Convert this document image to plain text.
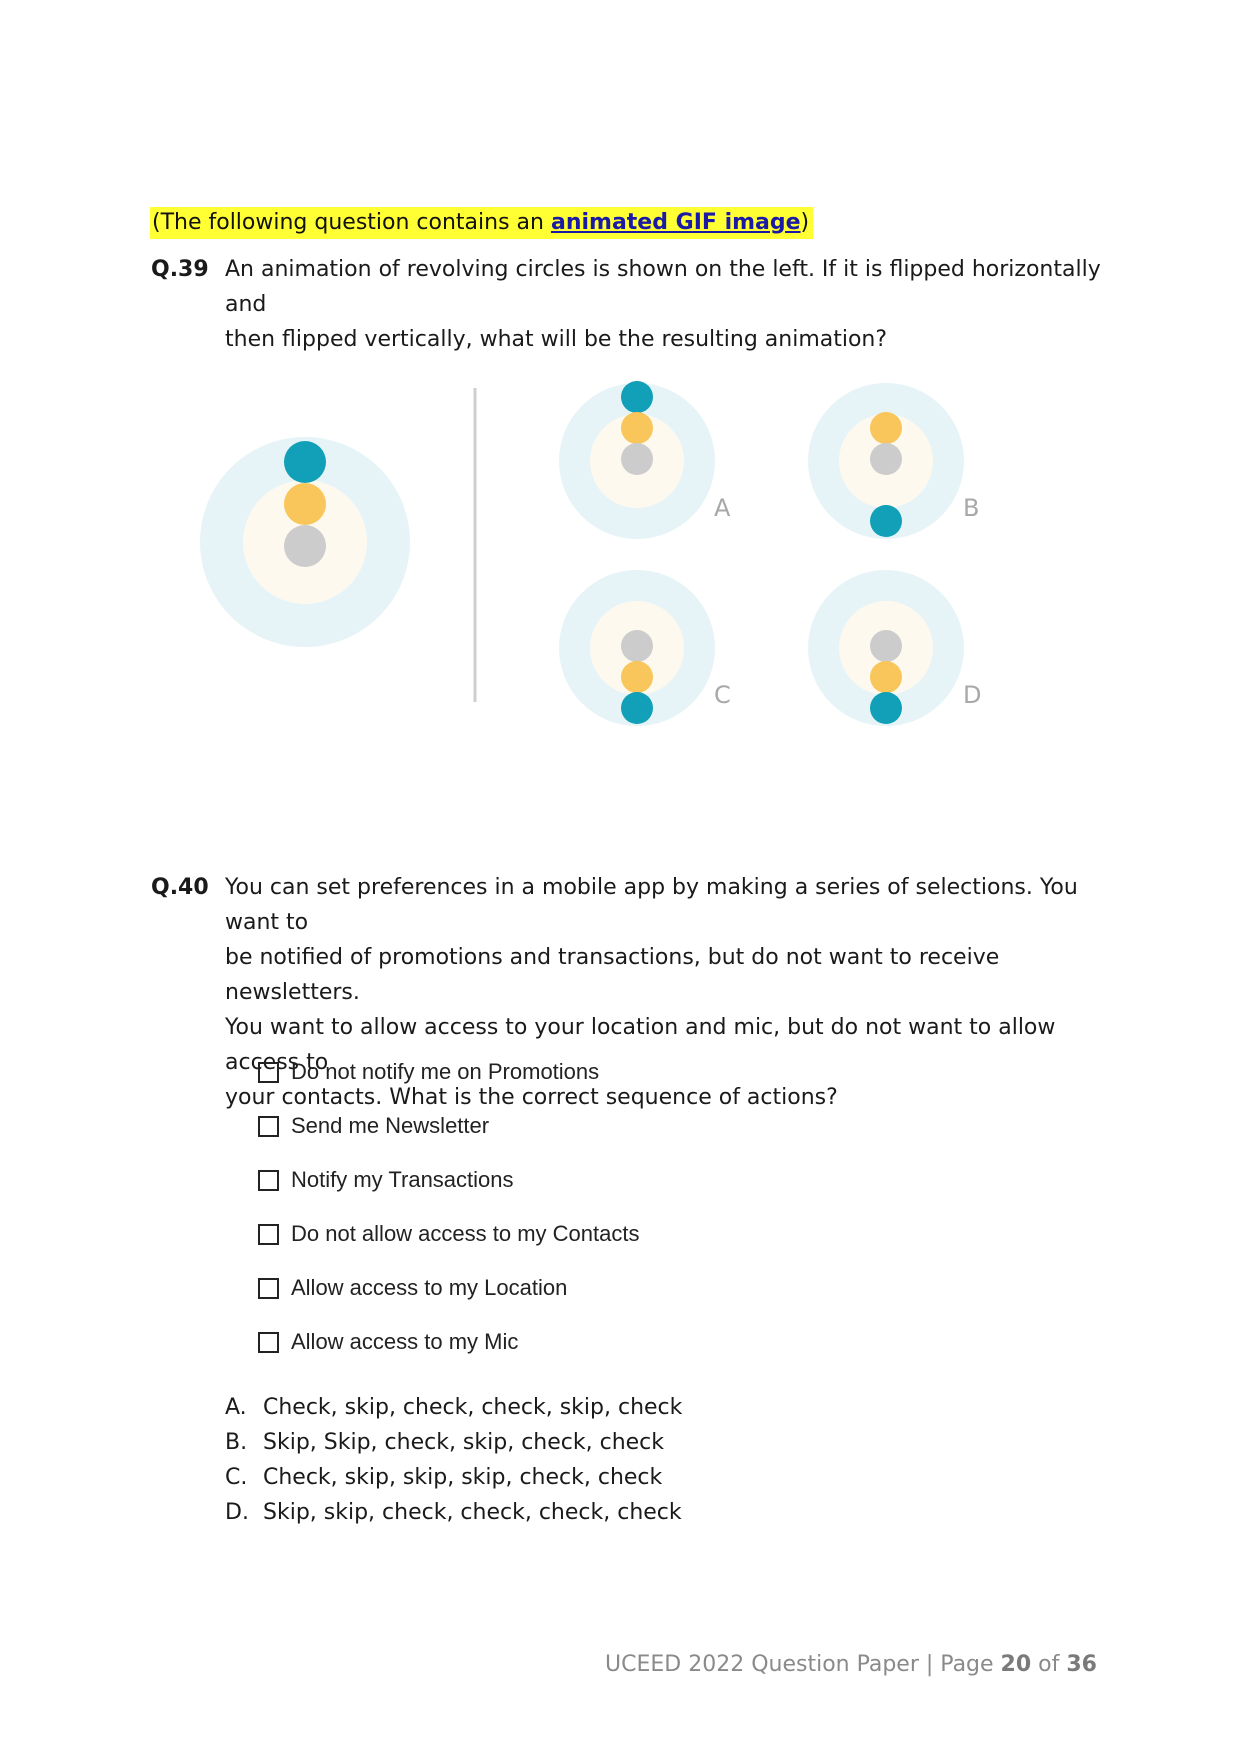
(The following question contains an animated GIF image)
Q.39 An animation of revolving circles is shown on the left. If it is flipped horizontally and
then flipped vertically, what will be the resulting animation?
A	B
C	D
Q.40 You can set preferences in a mobile app by making a series of selections. You want to
be notified of promotions and transactions, but do not want to receive newsletters.
You want to allow access to your location and mic, but do not want to allow access to
your contacts. What is the correct sequence of actions?
Do not notify me on Promotions
Send me Newsletter
Notify my Transactions
Do not allow access to my Contacts
Allow access to my Location
Allow access to my Mic
A. Check, skip, check, check, skip, check
B. Skip, Skip, check, skip, check, check
C. Check, skip, skip, skip, check, check
D. Skip, skip, check, check, check, check
UCEED 2022 Question Paper | Page 20 of 36
